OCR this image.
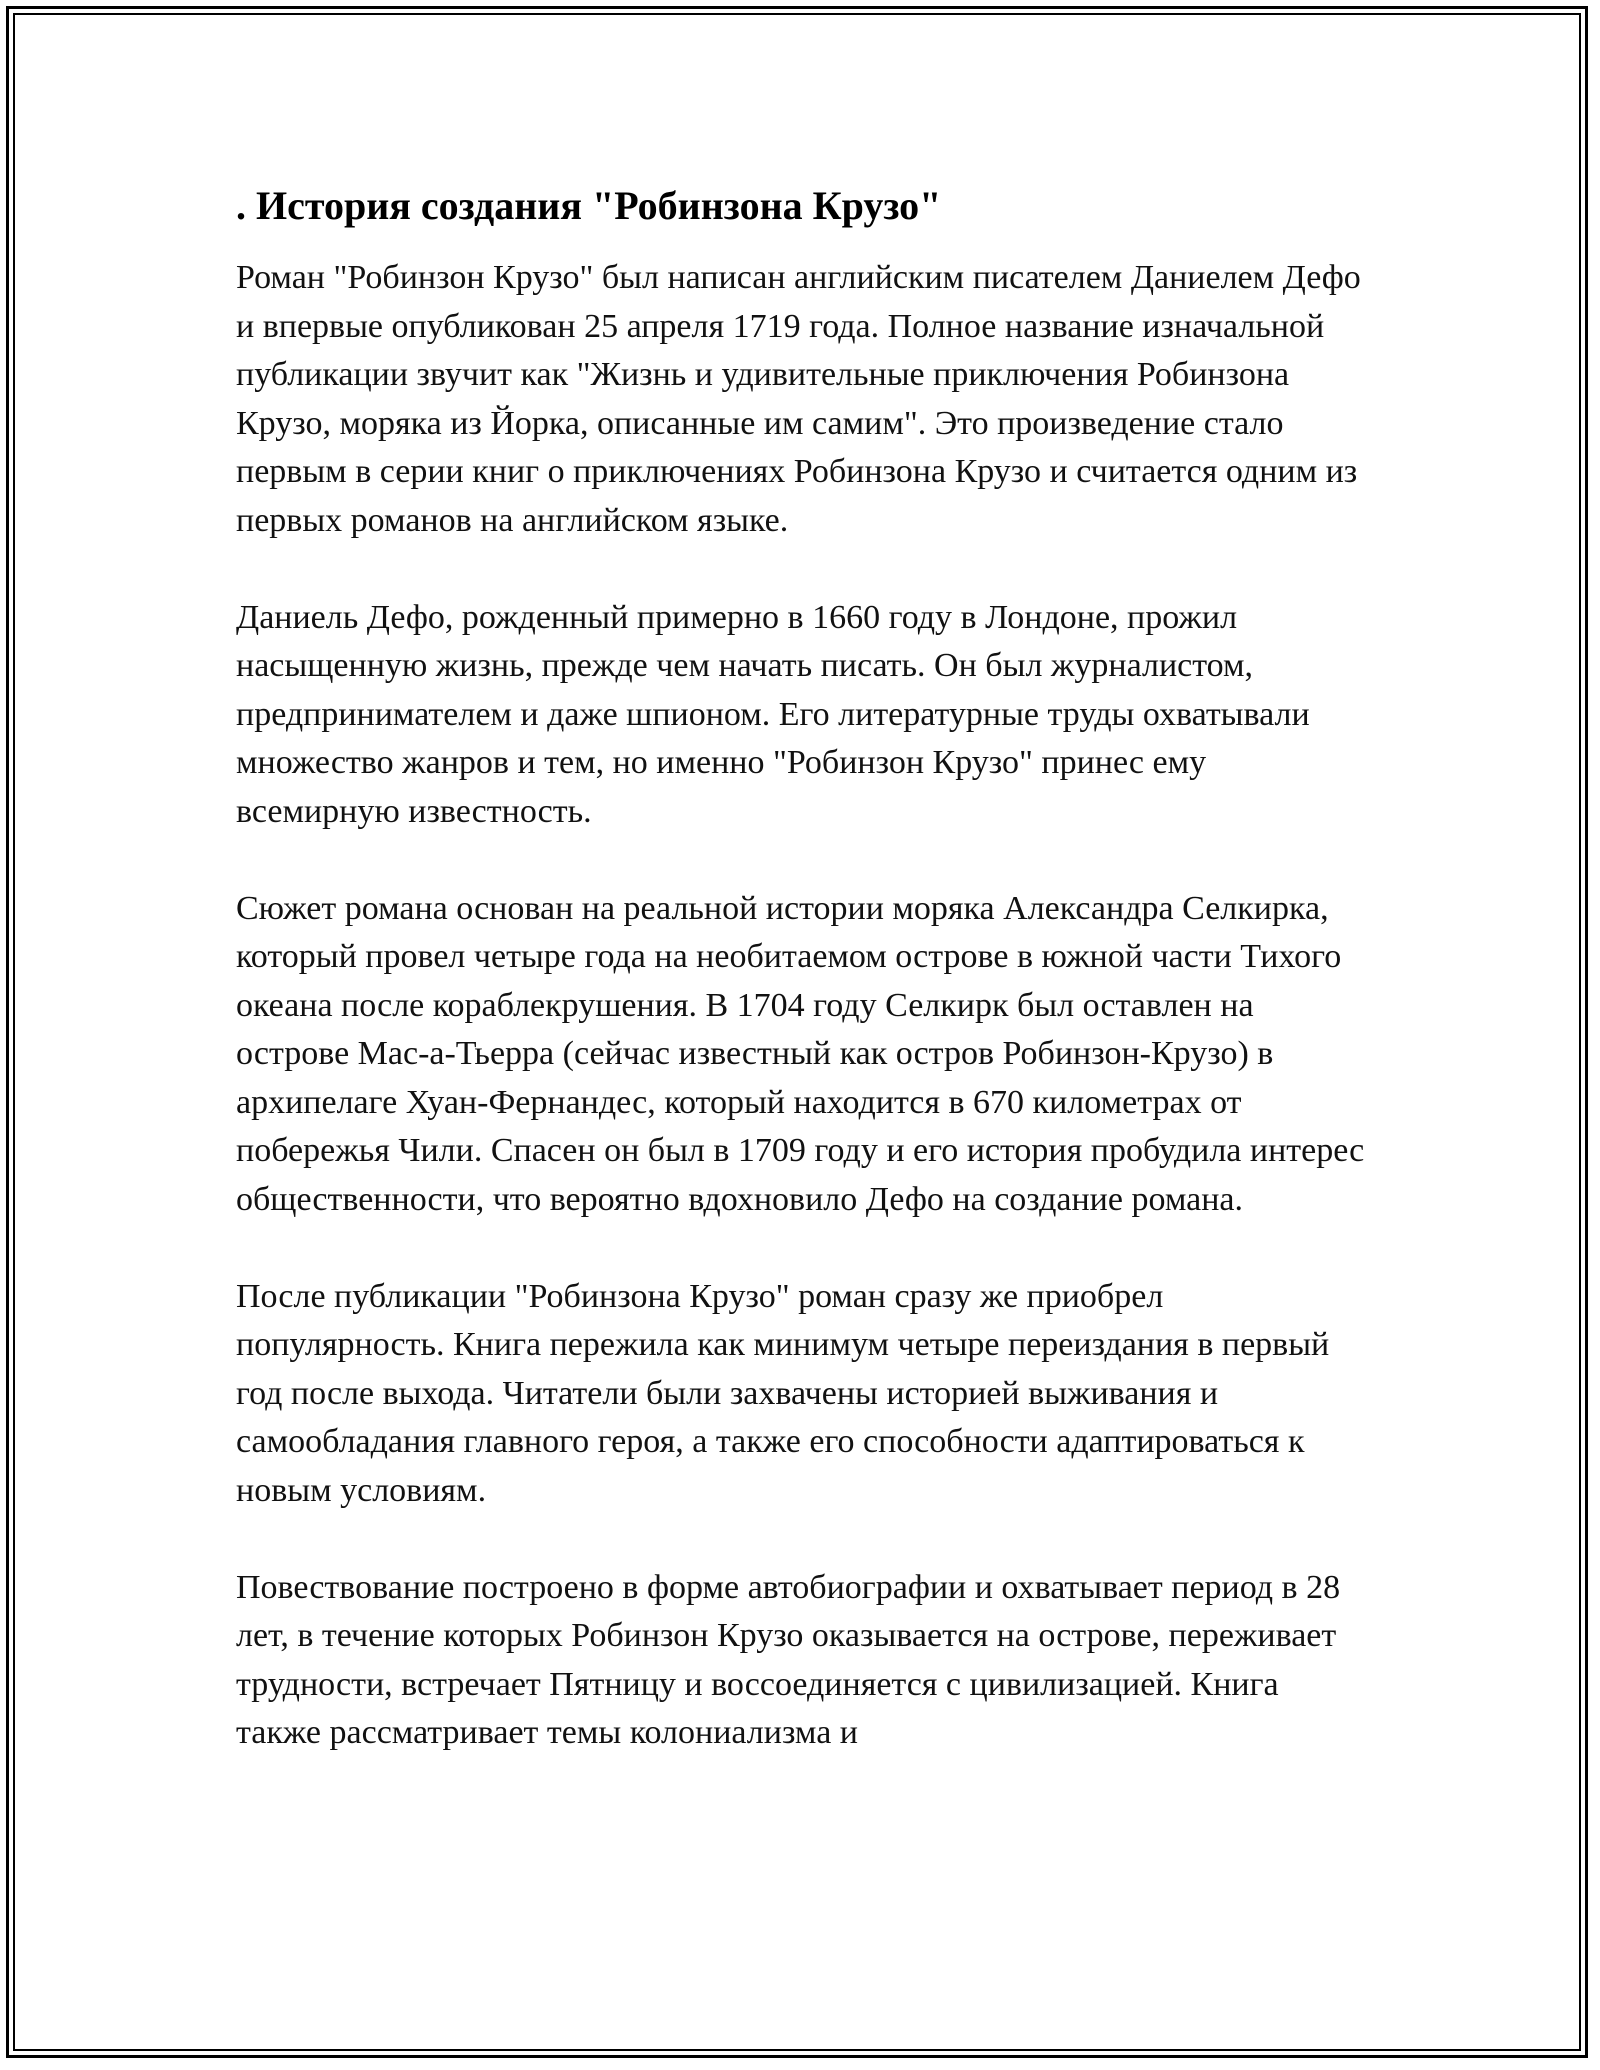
. История создания "Робинзона Крузо"

Роман "Робинзон Крузо" был написан английским писателем Даниелем Дефо и впервые опубликован 25 апреля 1719 года. Полное название изначальной публикации звучит как "Жизнь и удивительные приключения Робинзона Крузо, моряка из Йорка, описанные им самим". Это произведение стало первым в серии книг о приключениях Робинзона Крузо и считается одним из первых романов на английском языке.

Даниель Дефо, рожденный примерно в 1660 году в Лондоне, прожил насыщенную жизнь, прежде чем начать писать. Он был журналистом, предпринимателем и даже шпионом. Его литературные труды охватывали множество жанров и тем, но именно "Робинзон Крузо" принес ему всемирную известность.

Сюжет романа основан на реальной истории моряка Александра Селкирка, который провел четыре года на необитаемом острове в южной части Тихого океана после кораблекрушения. В 1704 году Селкирк был оставлен на острове Мас-а-Тьерра (сейчас известный как остров Робинзон-Крузо) в архипелаге Хуан-Фернандес, который находится в 670 километрах от побережья Чили. Спасен он был в 1709 году и его история пробудила интерес общественности, что вероятно вдохновило Дефо на создание романа.

После публикации "Робинзона Крузо" роман сразу же приобрел популярность. Книга пережила как минимум четыре переиздания в первый год после выхода. Читатели были захвачены историей выживания и самообладания главного героя, а также его способности адаптироваться к новым условиям.

Повествование построено в форме автобиографии и охватывает период в 28 лет, в течение которых Робинзон Крузо оказывается на острове, переживает трудности, встречает Пятницу и воссоединяется с цивилизацией. Книга также рассматривает темы колониализма и
